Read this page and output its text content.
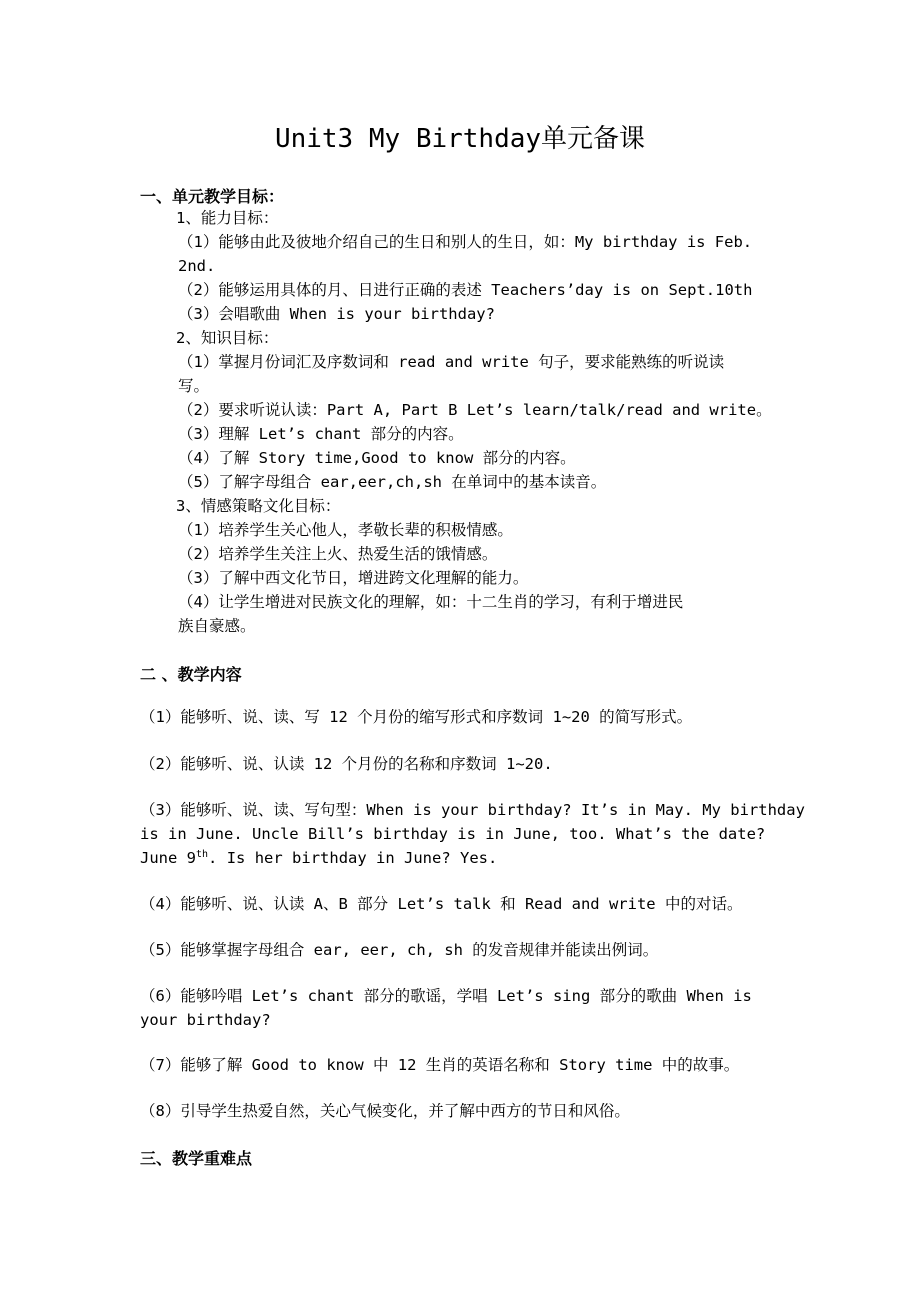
Unit3 My Birthday单元备课
一、单元教学目标：
1、能力目标：
（1）能够由此及彼地介绍自己的生日和别人的生日，如：My birthday is Feb.
2nd.
（2）能够运用具体的月、日进行正确的表述 Teachers’day is on Sept.10th
（3）会唱歌曲 When is your birthday?
2、知识目标：
（1）掌握月份词汇及序数词和 read and write 句子，要求能熟练的听说读
写。
（2）要求听说认读：Part A, Part B Let’s learn/talk/read and write。
（3）理解 Let’s chant 部分的内容。
（4）了解 Story time,Good to know 部分的内容。
（5）了解字母组合 ear,eer,ch,sh 在单词中的基本读音。
3、情感策略文化目标：
（1）培养学生关心他人，孝敬长辈的积极情感。
（2）培养学生关注上火、热爱生活的饿情感。
（3）了解中西文化节日，增进跨文化理解的能力。
（4）让学生增进对民族文化的理解，如：十二生肖的学习，有利于增进民
族自豪感。
二 、教学内容
（1）能够听、说、读、写 12 个月份的缩写形式和序数词 1~20 的简写形式。
（2）能够听、说、认读 12 个月份的名称和序数词 1~20.
（3）能够听、说、读、写句型：When is your birthday? It’s in May. My birthday
is in June. Uncle Bill’s birthday is in June, too. What’s the date?
June 9th. Is her birthday in June? Yes.
（4）能够听、说、认读 A、B 部分 Let’s talk 和 Read and write 中的对话。
（5）能够掌握字母组合 ear, eer, ch, sh 的发音规律并能读出例词。
（6）能够吟唱 Let’s chant 部分的歌谣，学唱 Let’s sing 部分的歌曲 When is
your birthday?
（7）能够了解 Good to know 中 12 生肖的英语名称和 Story time 中的故事。
（8）引导学生热爱自然，关心气候变化，并了解中西方的节日和风俗。
三、教学重难点
